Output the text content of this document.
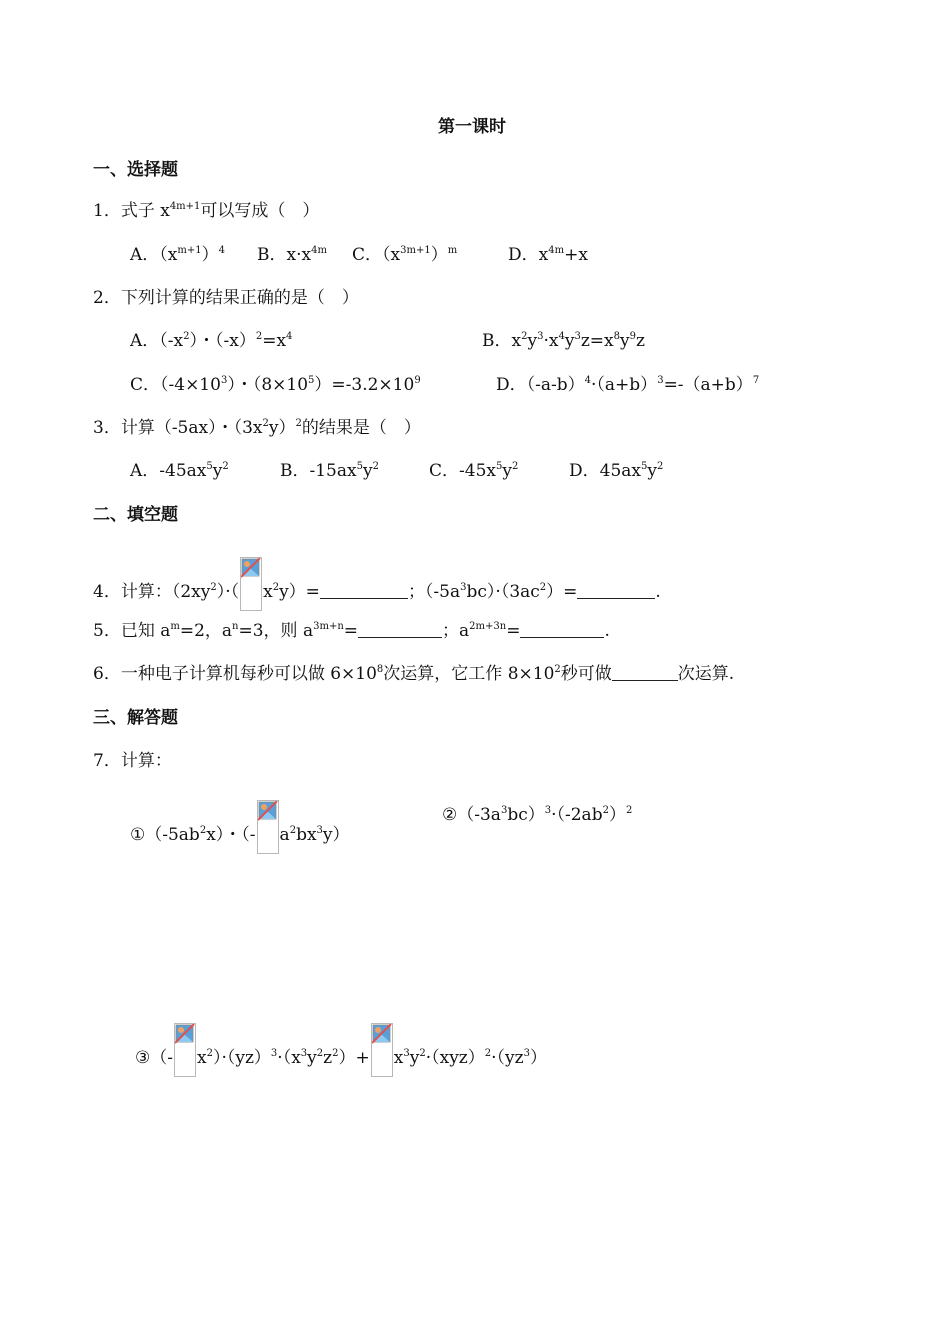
第一课时
一、选择题
1．式子 $x^{4m+1}$可以写成（　）
A．$(x^{m+1})^4$ B．$x\cdot x^{4m}$ C．$(x^{3m+1})^m$	D．$x^{4m}+x$
2．下列计算的结果正确的是（　）
A．$(-x^2)$・$(-x)^2=x^4$	B．$x^2y^3\cdot x^4y^3z=x^8y^9z$
C．$(-4\times 10^3)$・$(8\times 10^5)=-3.2\times 10^9$	D．$(-a-b)^4\cdot(a+b)^3=-(a+b)^7$
3．计算（-5ax）・$(3x^2y)^2$的结果是（　）
A．$-45ax^5y^2$	B．$-15ax^5y^2$	C．$-45x^5y^2$	D．$45ax^5y^2$
二、填空题
4．计算：$(2xy^2)\cdot$（ $x^2y)=$	；$(-5a^3bc)\cdot(3ac^2)=$	.
5．已知 $a^m=2$，$a^n=3$，则 $a^{3m+n}=$	；$a^{2m+3n}=$	.
6．一种电子计算机每秒可以做 $6\times 10^8$次运算，它工作 $8\times 10^2$秒可做	次运算.
三、解答题
7．计算：
$①(-5ab^2x)$・（- $a^2bx^3y$）
$②(-3a^3bc)^3\cdot(-2ab^2)^2$
③（- $x^2)\cdot(yz)^3\cdot(x^3y^2z^2)+ x^3y^2\cdot(xyz)^2\cdot(yz^3)$
